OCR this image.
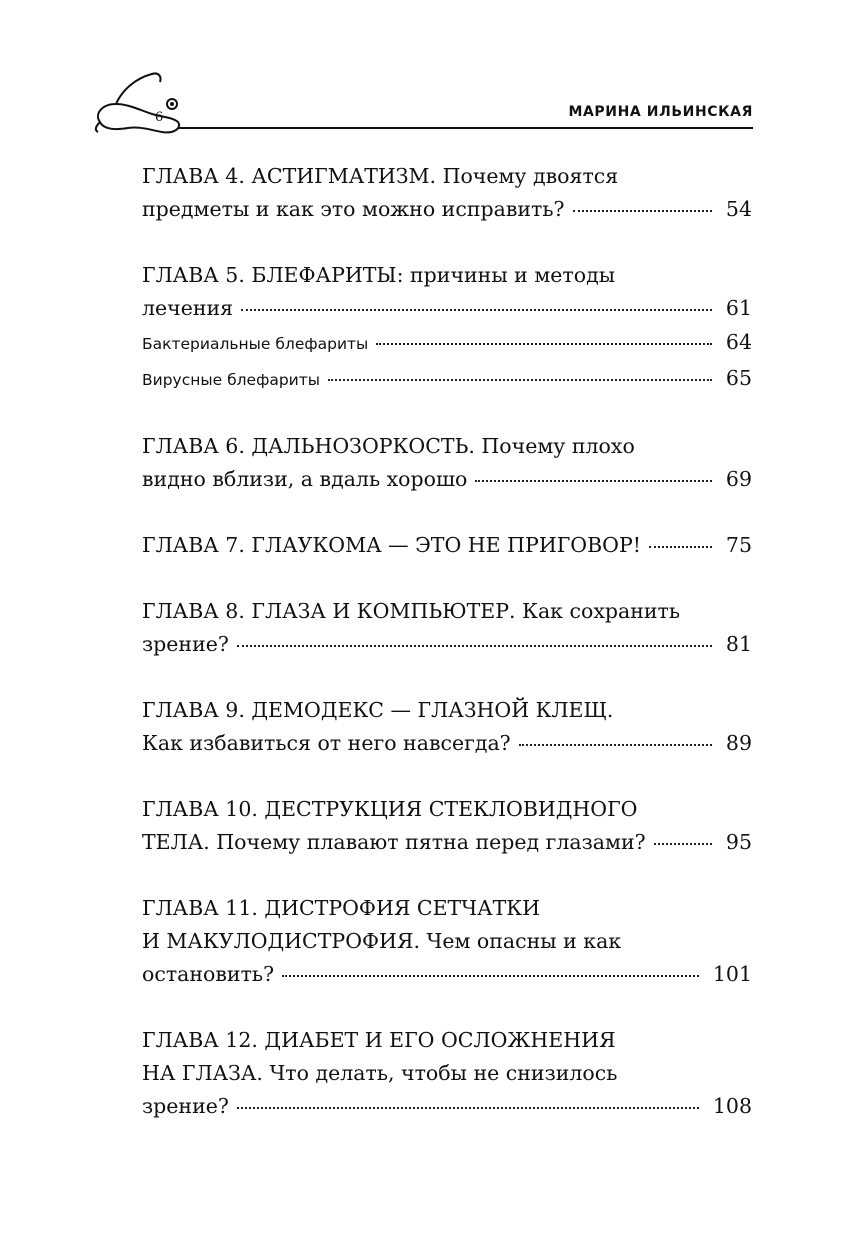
6	МАРИНА ИЛЬИНСКАЯ
ГЛАВА 4. АСТИГМАТИЗМ. Почему двоятся
предметы и как это можно исправить?	54
ГЛАВА 5. БЛЕФАРИТЫ: причины и методы
лечения	61
Бактериальные блефариты	64
Вирусные блефариты	65
ГЛАВА 6. ДАЛЬНОЗОРКОСТЬ. Почему плохо
видно вблизи, а вдаль хорошо	69
ГЛАВА 7. ГЛАУКОМА — ЭТО НЕ ПРИГОВОР!	75
ГЛАВА 8. ГЛАЗА И КОМПЬЮТЕР. Как сохранить
зрение?	81
ГЛАВА 9. ДЕМОДЕКС — ГЛАЗНОЙ КЛЕЩ.
Как избавиться от него навсегда?	89
ГЛАВА 10. ДЕСТРУКЦИЯ СТЕКЛОВИДНОГО
ТЕЛА. Почему плавают пятна перед глазами?	95
ГЛАВА 11. ДИСТРОФИЯ СЕТЧАТКИ
И МАКУЛОДИСТРОФИЯ. Чем опасны и как
остановить?	101
ГЛАВА 12. ДИАБЕТ И ЕГО ОСЛОЖНЕНИЯ
НА ГЛАЗА. Что делать, чтобы не снизилось
зрение?	108
